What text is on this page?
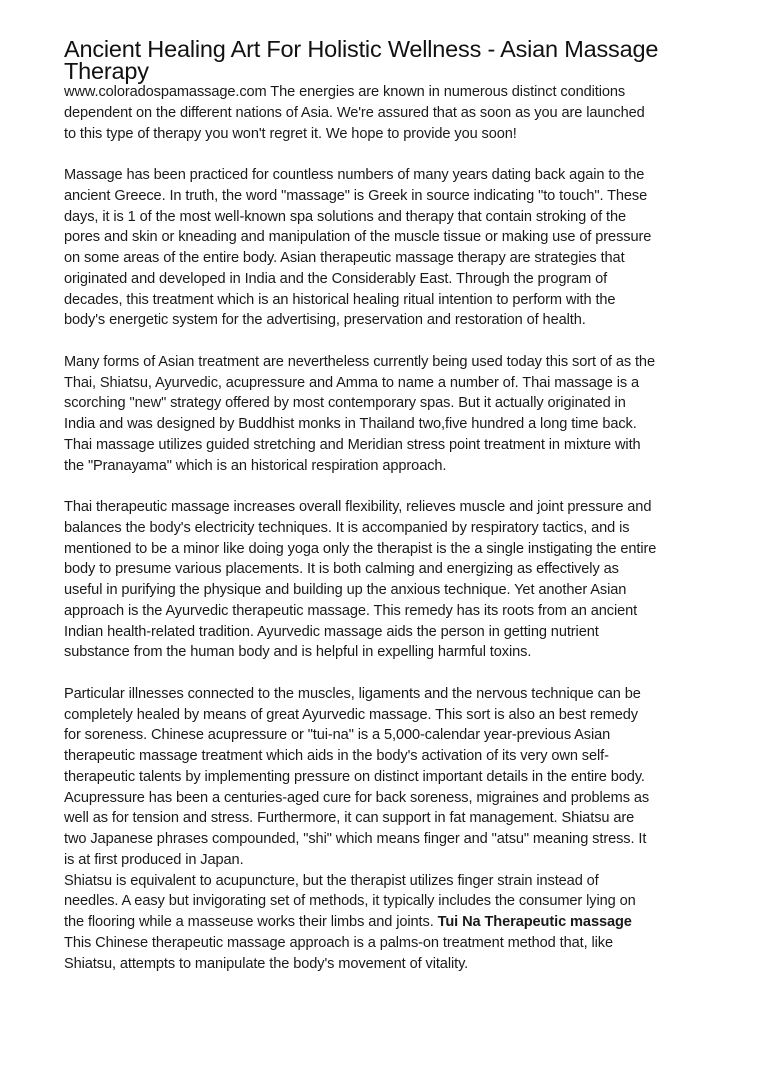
Ancient Healing Art For Holistic Wellness - Asian Massage
Therapy

www.coloradospamassage.com The energies are known in numerous distinct conditions
dependent on the different nations of Asia. We're assured that as soon as you are launched
to this type of therapy you won't regret it. We hope to provide you soon!

Massage has been practiced for countless numbers of many years dating back again to the
ancient Greece. In truth, the word "massage" is Greek in source indicating "to touch". These
days, it is 1 of the most well-known spa solutions and therapy that contain stroking of the
pores and skin or kneading and manipulation of the muscle tissue or making use of pressure
on some areas of the entire body. Asian therapeutic massage therapy are strategies that
originated and developed in India and the Considerably East. Through the program of
decades, this treatment which is an historical healing ritual intention to perform with the
body's energetic system for the advertising, preservation and restoration of health.

Many forms of Asian treatment are nevertheless currently being used today this sort of as the
Thai, Shiatsu, Ayurvedic, acupressure and Amma to name a number of. Thai massage is a
scorching "new" strategy offered by most contemporary spas. But it actually originated in
India and was designed by Buddhist monks in Thailand two,five hundred a long time back.
Thai massage utilizes guided stretching and Meridian stress point treatment in mixture with
the "Pranayama" which is an historical respiration approach.

Thai therapeutic massage increases overall flexibility, relieves muscle and joint pressure and
balances the body's electricity techniques. It is accompanied by respiratory tactics, and is
mentioned to be a minor like doing yoga only the therapist is the a single instigating the entire
body to presume various placements. It is both calming and energizing as effectively as
useful in purifying the physique and building up the anxious technique. Yet another Asian
approach is the Ayurvedic therapeutic massage. This remedy has its roots from an ancient
Indian health-related tradition. Ayurvedic massage aids the person in getting nutrient
substance from the human body and is helpful in expelling harmful toxins.

Particular illnesses connected to the muscles, ligaments and the nervous technique can be
completely healed by means of great Ayurvedic massage. This sort is also an best remedy
for soreness. Chinese acupressure or "tui-na" is a 5,000-calendar year-previous Asian
therapeutic massage treatment which aids in the body's activation of its very own self-
therapeutic talents by implementing pressure on distinct important details in the entire body.
Acupressure has been a centuries-aged cure for back soreness, migraines and problems as
well as for tension and stress. Furthermore, it can support in fat management. Shiatsu are
two Japanese phrases compounded, "shi" which means finger and "atsu" meaning stress. It
is at first produced in Japan.

Shiatsu is equivalent to acupuncture, but the therapist utilizes finger strain instead of
needles. A easy but invigorating set of methods, it typically includes the consumer lying on
the flooring while a masseuse works their limbs and joints. Tui Na Therapeutic massage
This Chinese therapeutic massage approach is a palms-on treatment method that, like
Shiatsu, attempts to manipulate the body's movement of vitality.
